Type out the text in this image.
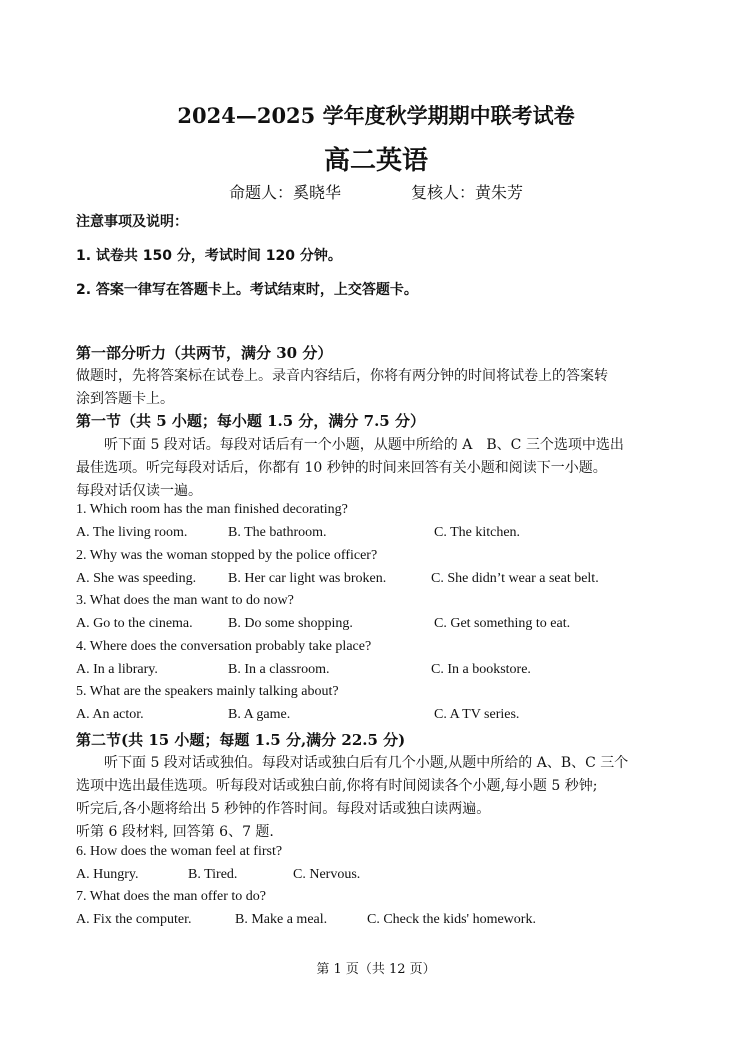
2024—2025 学年度秋学期期中联考试卷
高二英语
命题人：奚晓华	复核人：黄朱芳
注意事项及说明：
1. 试卷共 150 分，考试时间 120 分钟。
2. 答案一律写在答题卡上。考试结束时，上交答题卡。
第一部分听力（共两节，满分 30 分）
做题时，先将答案标在试卷上。录音内容结后，你将有两分钟的时间将试卷上的答案转
涂到答题卡上。
第一节（共 5 小题；每小题 1.5 分，满分 7.5 分）
听下面 5 段对话。每段对话后有一个小题，从题中所给的 A　B、C 三个选项中选出
最佳选项。听完每段对话后，你都有 10 秒钟的时间来回答有关小题和阅读下一小题。
每段对话仅读一遍。
1. Which room has the man finished decorating?
A. The living room.	B. The bathroom.	C. The kitchen.
2. Why was the woman stopped by the police officer?
A. She was speeding. B. Her car light was broken.	C. She didn’t wear a seat belt.
3. What does the man want to do now?
A. Go to the cinema.	B. Do some shopping.	C. Get something to eat.
4. Where does the conversation probably take place?
A. In a library.	B. In a classroom.	C. In a bookstore.
5. What are the speakers mainly talking about?
A. An actor.	B. A game.	C. A TV series.
第二节(共 15 小题；每题 1.5 分,满分 22.5 分)
听下面 5 段对话或独伯。每段对话或独白后有几个小题,从题中所给的 A、B、C 三个
选项中选出最佳选项。听每段对话或独白前,你将有时间阅读各个小题,每小题 5 秒钟;
听完后,各小题将给出 5 秒钟的作答时间。每段对话或独白读两遍。
听第 6 段材料, 回答第 6、7 题.
6. How does the woman feel at first?
A. Hungry.	B. Tired.	C. Nervous.
7. What does the man offer to do?
A. Fix the computer.	B. Make a meal.	C. Check the kids' homework.
第 1 页（共 12 页）
